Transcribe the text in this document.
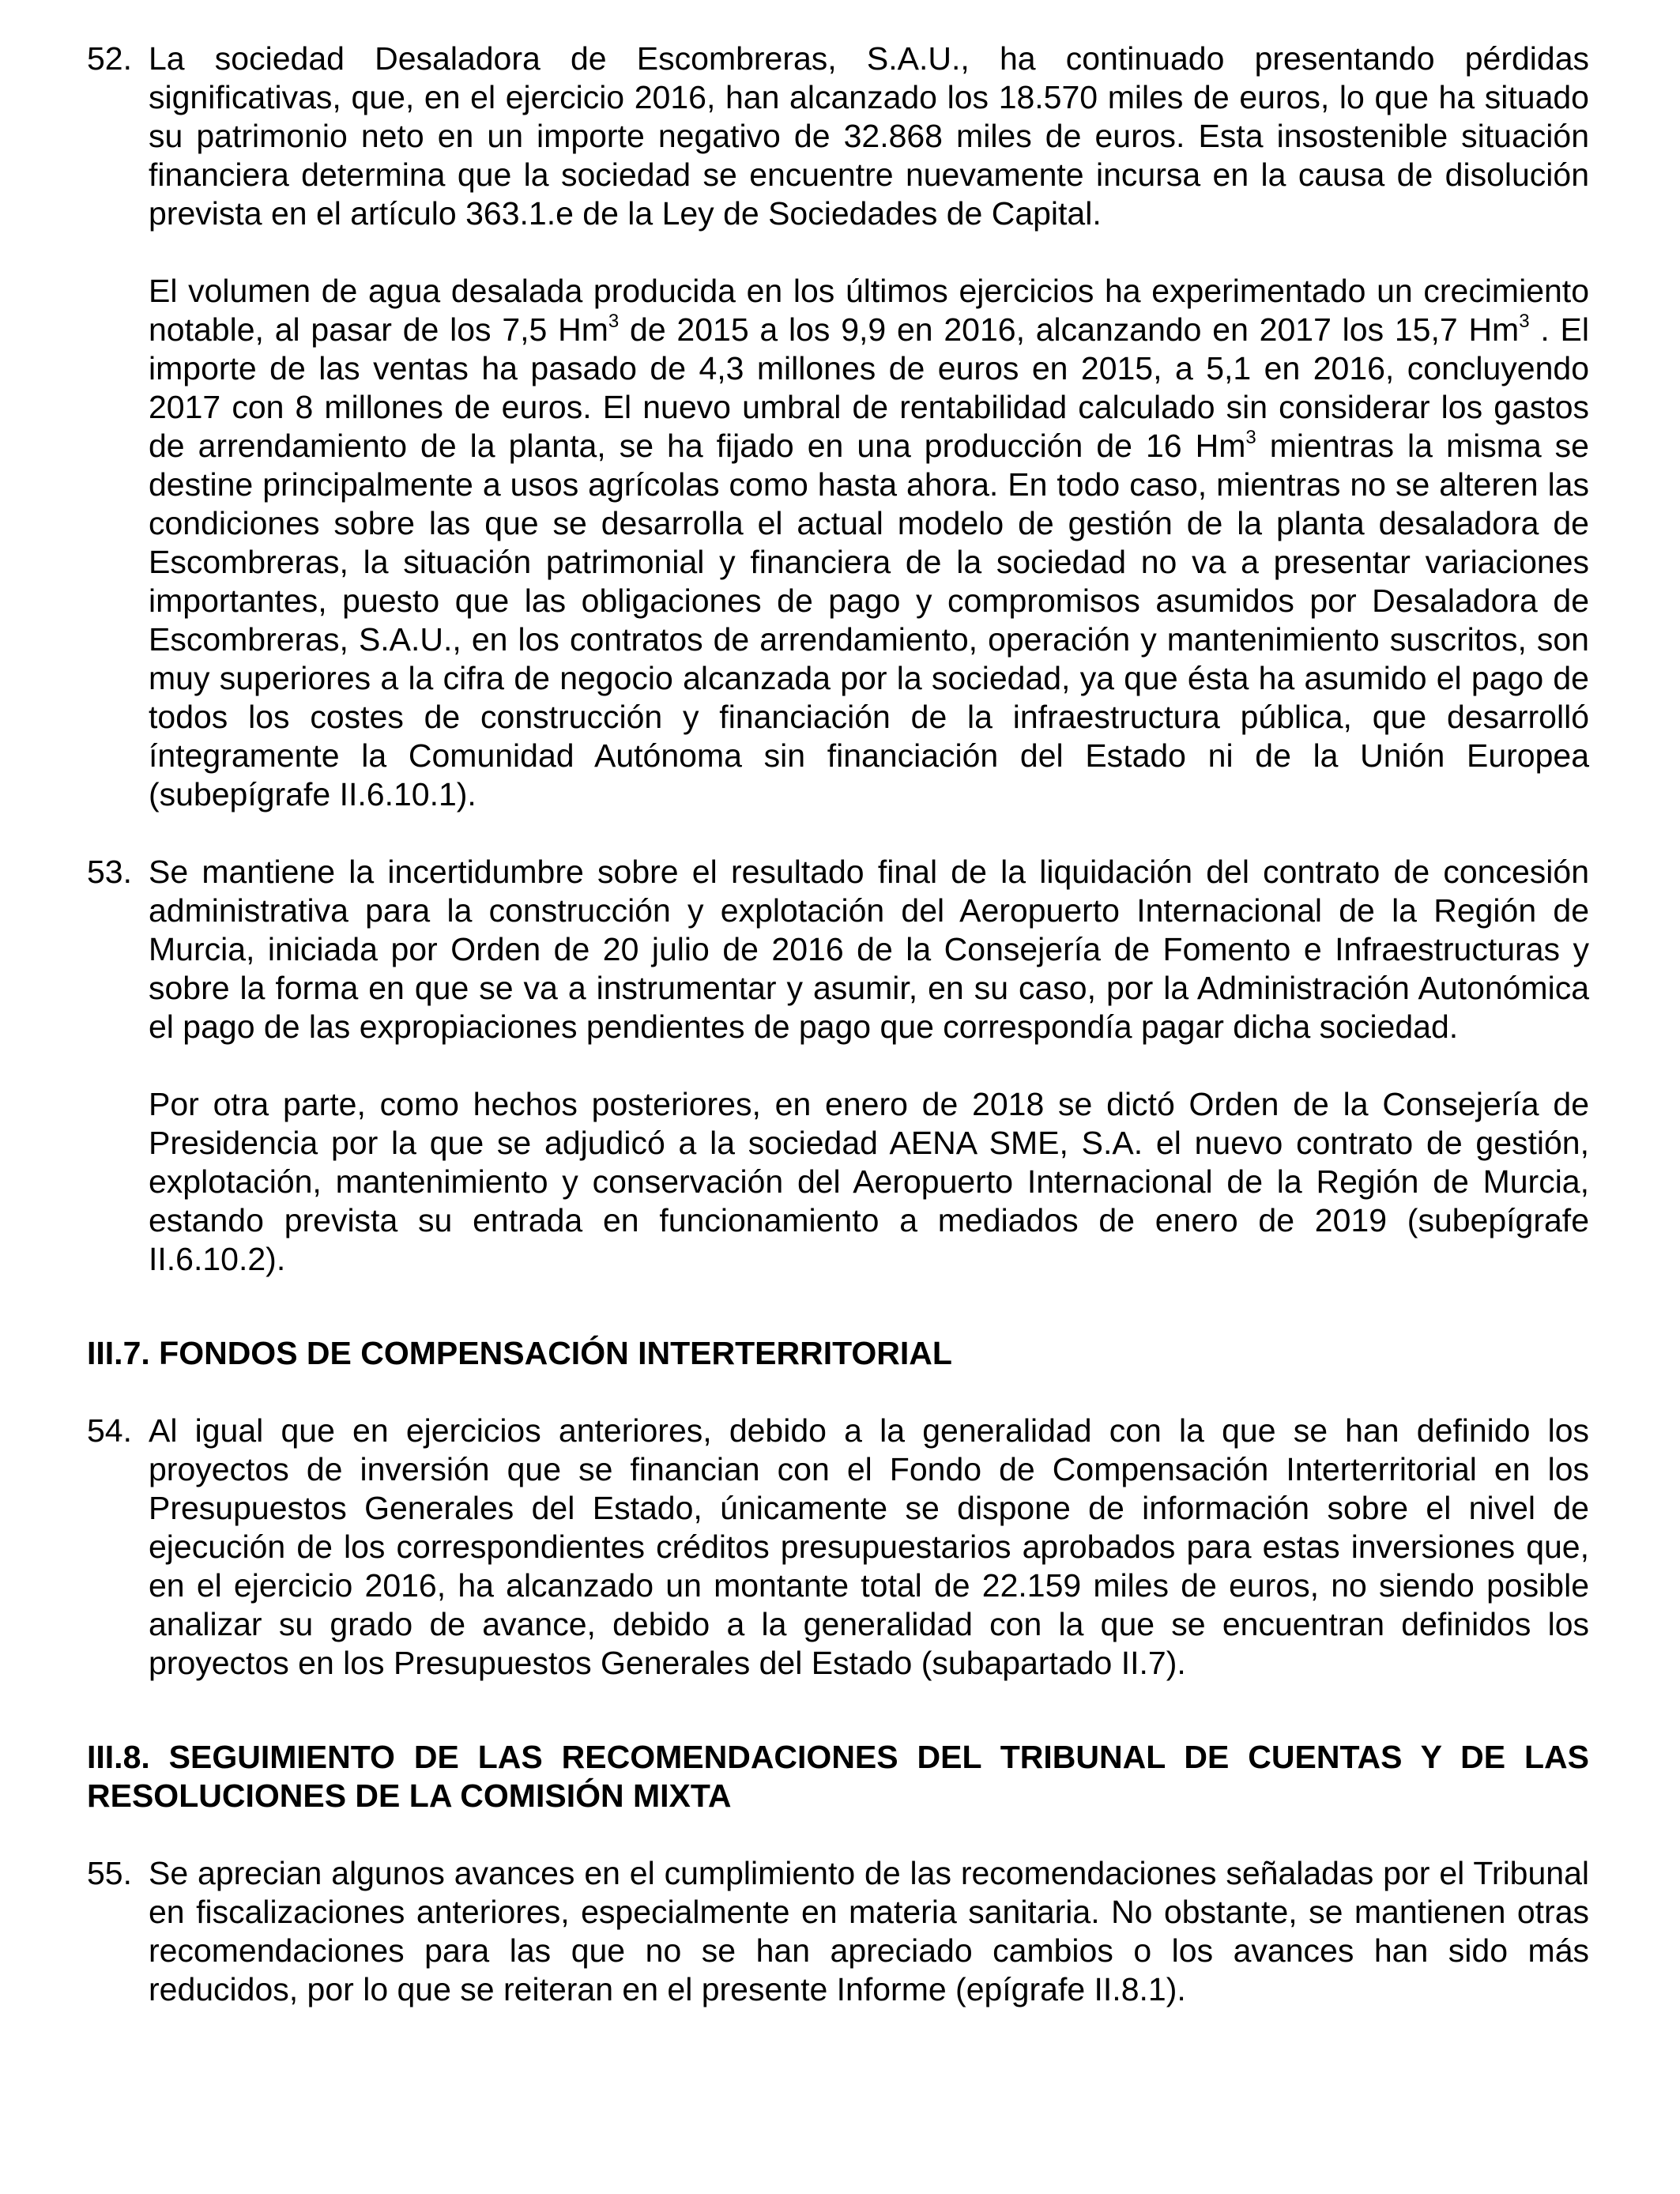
52. La sociedad Desaladora de Escombreras, S.A.U., ha continuado presentando pérdidas significativas, que, en el ejercicio 2016, han alcanzado los 18.570 miles de euros, lo que ha situado su patrimonio neto en un importe negativo de 32.868 miles de euros. Esta insostenible situación financiera determina que la sociedad se encuentre nuevamente incursa en la causa de disolución prevista en el artículo 363.1.e de la Ley de Sociedades de Capital.

El volumen de agua desalada producida en los últimos ejercicios ha experimentado un crecimiento notable, al pasar de los 7,5 Hm$^3$ de 2015 a los 9,9 en 2016, alcanzando en 2017 los 15,7 Hm$^3$ . El importe de las ventas ha pasado de 4,3 millones de euros en 2015, a 5,1 en 2016, concluyendo 2017 con 8 millones de euros. El nuevo umbral de rentabilidad calculado sin considerar los gastos de arrendamiento de la planta, se ha fijado en una producción de 16 Hm$^3$ mientras la misma se destine principalmente a usos agrícolas como hasta ahora. En todo caso, mientras no se alteren las condiciones sobre las que se desarrolla el actual modelo de gestión de la planta desaladora de Escombreras, la situación patrimonial y financiera de la sociedad no va a presentar variaciones importantes, puesto que las obligaciones de pago y compromisos asumidos por Desaladora de Escombreras, S.A.U., en los contratos de arrendamiento, operación y mantenimiento suscritos, son muy superiores a la cifra de negocio alcanzada por la sociedad, ya que ésta ha asumido el pago de todos los costes de construcción y financiación de la infraestructura pública, que desarrolló íntegramente la Comunidad Autónoma sin financiación del Estado ni de la Unión Europea (subepígrafe II.6.10.1).

53. Se mantiene la incertidumbre sobre el resultado final de la liquidación del contrato de concesión administrativa para la construcción y explotación del Aeropuerto Internacional de la Región de Murcia, iniciada por Orden de 20 julio de 2016 de la Consejería de Fomento e Infraestructuras y sobre la forma en que se va a instrumentar y asumir, en su caso, por la Administración Autonómica el pago de las expropiaciones pendientes de pago que correspondía pagar dicha sociedad.

Por otra parte, como hechos posteriores, en enero de 2018 se dictó Orden de la Consejería de Presidencia por la que se adjudicó a la sociedad AENA SME, S.A. el nuevo contrato de gestión, explotación, mantenimiento y conservación del Aeropuerto Internacional de la Región de Murcia, estando prevista su entrada en funcionamiento a mediados de enero de 2019 (subepígrafe II.6.10.2).

III.7. FONDOS DE COMPENSACIÓN INTERTERRITORIAL

54. Al igual que en ejercicios anteriores, debido a la generalidad con la que se han definido los proyectos de inversión que se financian con el Fondo de Compensación Interterritorial en los Presupuestos Generales del Estado, únicamente se dispone de información sobre el nivel de ejecución de los correspondientes créditos presupuestarios aprobados para estas inversiones que, en el ejercicio 2016, ha alcanzado un montante total de 22.159 miles de euros, no siendo posible analizar su grado de avance, debido a la generalidad con la que se encuentran definidos los proyectos en los Presupuestos Generales del Estado (subapartado II.7).

III.8. SEGUIMIENTO DE LAS RECOMENDACIONES DEL TRIBUNAL DE CUENTAS Y DE LAS RESOLUCIONES DE LA COMISIÓN MIXTA

55. Se aprecian algunos avances en el cumplimiento de las recomendaciones señaladas por el Tribunal en fiscalizaciones anteriores, especialmente en materia sanitaria. No obstante, se mantienen otras recomendaciones para las que no se han apreciado cambios o los avances han sido más reducidos, por lo que se reiteran en el presente Informe (epígrafe II.8.1).
